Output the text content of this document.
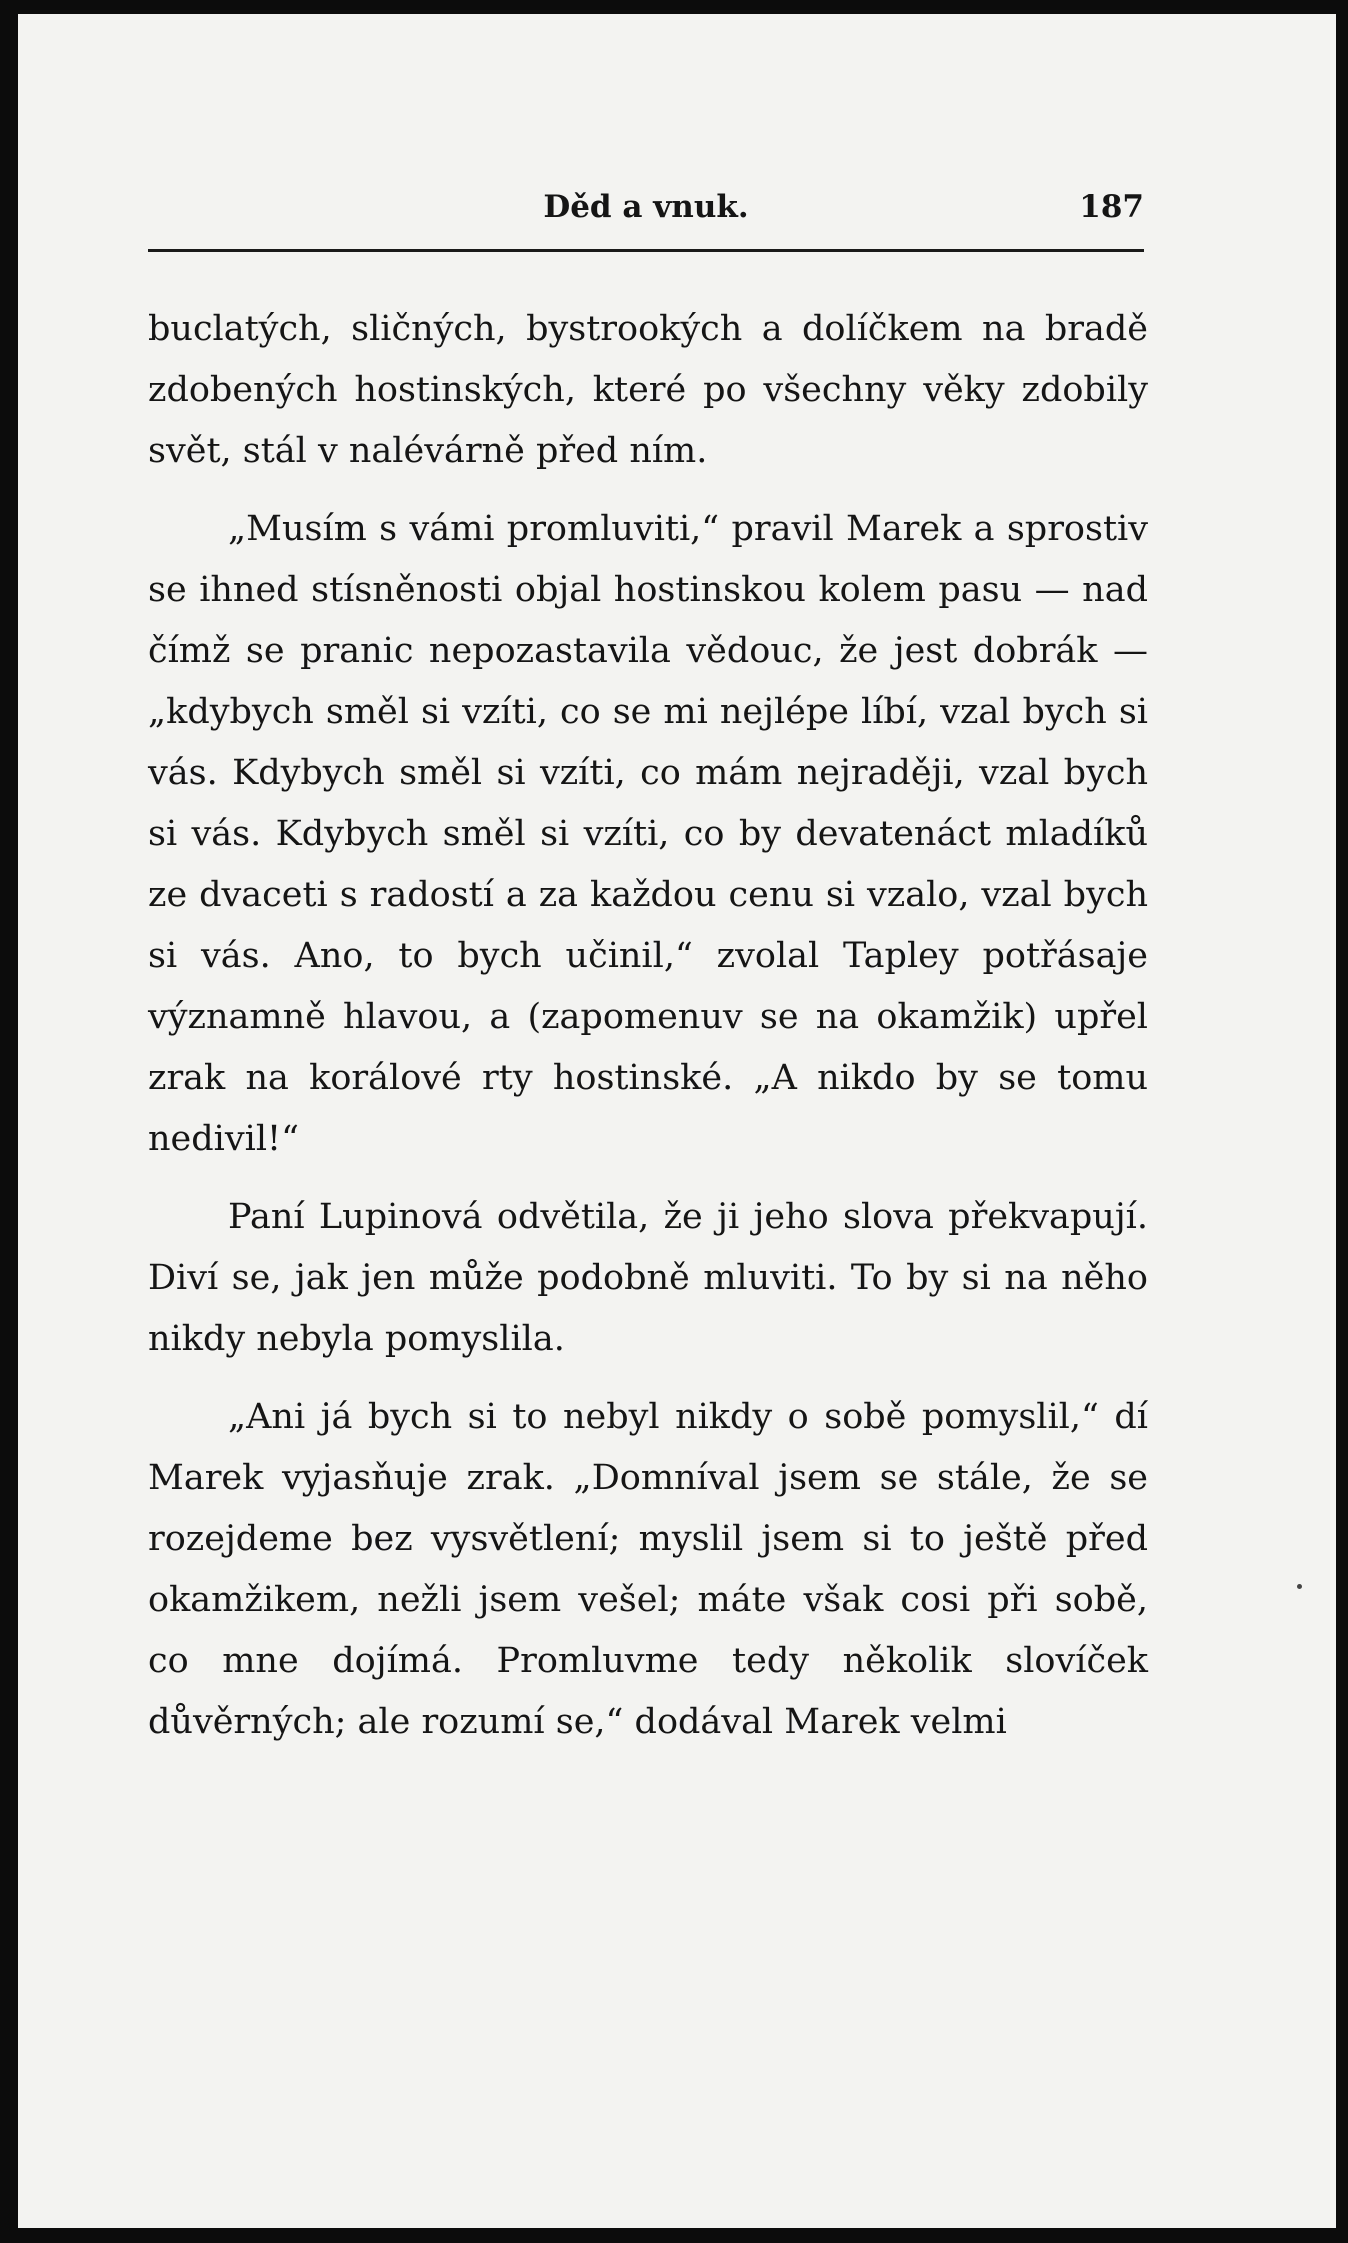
Děd a vnuk.	187

buclatých, sličných, bystrookých a dolíčkem na bradě zdobených hostinských, které po všechny věky zdobily svět, stál v nalévárně před ním.

„Musím s vámi promluviti,“ pravil Marek a sprostiv se ihned stísněnosti objal hostinskou kolem pasu — nad čímž se pranic nepozastavila vědouc, že jest dobrák — „kdybych směl si vzíti, co se mi nejlépe líbí, vzal bych si vás. Kdybych směl si vzíti, co mám nejraději, vzal bych si vás. Kdybych směl si vzíti, co by devatenáct mladíků ze dvaceti s radostí a za každou cenu si vzalo, vzal bych si vás. Ano, to bych učinil,“ zvolal Tapley potřásaje významně hlavou, a (zapomenuv se na okamžik) upřel zrak na korálové rty hostinské. „A nikdo by se tomu nedivil!“

Paní Lupinová odvětila, že ji jeho slova překvapují. Diví se, jak jen může podobně mluviti. To by si na něho nikdy nebyla pomyslila.

„Ani já bych si to nebyl nikdy o sobě pomyslil,“ dí Marek vyjasňuje zrak. „Domníval jsem se stále, že se rozejdeme bez vysvětlení; myslil jsem si to ještě před okamžikem, nežli jsem vešel; máte však cosi při sobě, co mne dojímá. Promluvme tedy několik slovíček důvěrných; ale rozumí se,“ dodával Marek velmi
